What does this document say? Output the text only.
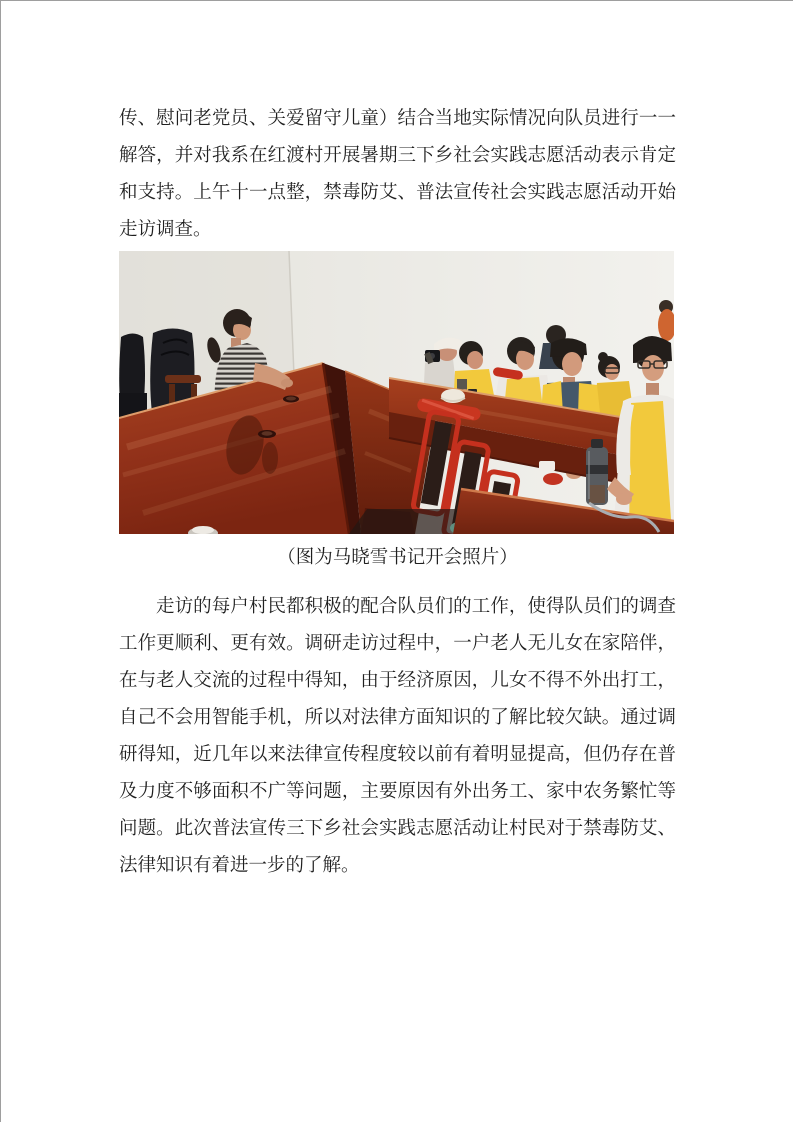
传、慰问老党员、关爱留守儿童）结合当地实际情况向队员进行一一解答，并对我系在红渡村开展暑期三下乡社会实践志愿活动表示肯定和支持。上午十一点整，禁毒防艾、普法宣传社会实践志愿活动开始走访调查。

（图为马晓雪书记开会照片）

走访的每户村民都积极的配合队员们的工作，使得队员们的调查工作更顺利、更有效。调研走访过程中，一户老人无儿女在家陪伴，在与老人交流的过程中得知，由于经济原因，儿女不得不外出打工，自己不会用智能手机，所以对法律方面知识的了解比较欠缺。通过调研得知，近几年以来法律宣传程度较以前有着明显提高，但仍存在普及力度不够面积不广等问题，主要原因有外出务工、家中农务繁忙等问题。此次普法宣传三下乡社会实践志愿活动让村民对于禁毒防艾、法律知识有着进一步的了解。
